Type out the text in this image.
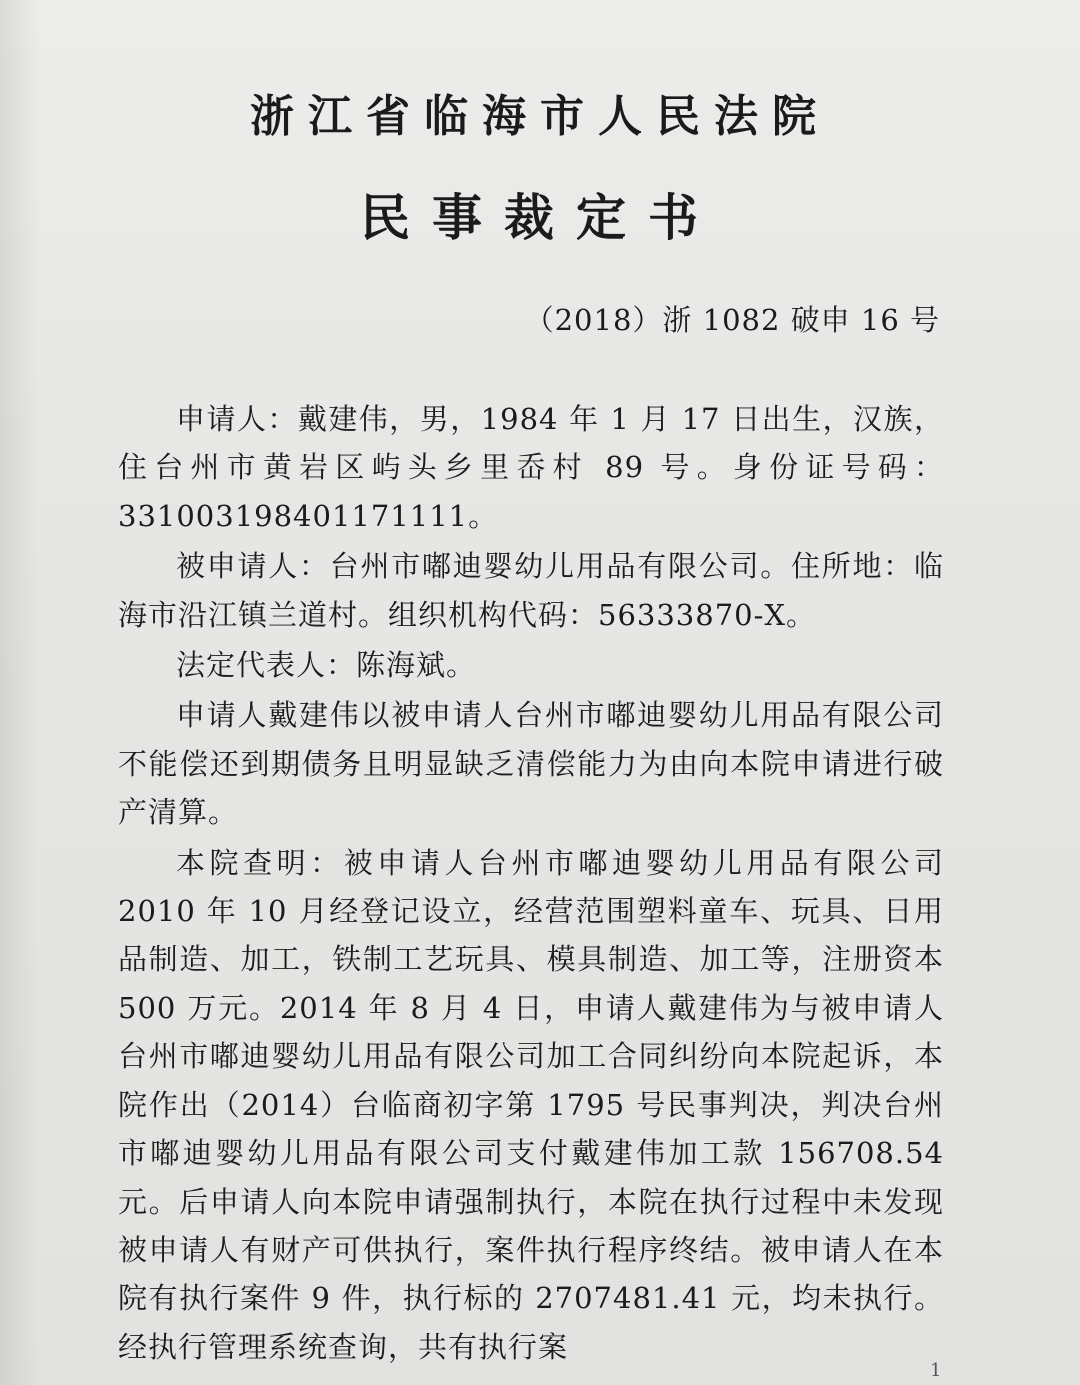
浙江省临海市人民法院
民事裁定书
（2018）浙 1082 破申 16 号

申请人：戴建伟，男，1984 年 1 月 17 日出生，汉族，住台州市黄岩区屿头乡里岙村 89 号。身份证号码：331003198401171111。

被申请人：台州市嘟迪婴幼儿用品有限公司。住所地：临海市沿江镇兰道村。组织机构代码：56333870-X。

法定代表人：陈海斌。

申请人戴建伟以被申请人台州市嘟迪婴幼儿用品有限公司不能偿还到期债务且明显缺乏清偿能力为由向本院申请进行破产清算。

本院查明：被申请人台州市嘟迪婴幼儿用品有限公司 2010 年 10 月经登记设立，经营范围塑料童车、玩具、日用品制造、加工，铁制工艺玩具、模具制造、加工等，注册资本 500 万元。2014 年 8 月 4 日，申请人戴建伟为与被申请人台州市嘟迪婴幼儿用品有限公司加工合同纠纷向本院起诉，本院作出（2014）台临商初字第 1795 号民事判决，判决台州市嘟迪婴幼儿用品有限公司支付戴建伟加工款 156708.54 元。后申请人向本院申请强制执行，本院在执行过程中未发现被申请人有财产可供执行，案件执行程序终结。被申请人在本院有执行案件 9 件，执行标的 2707481.41 元，均未执行。经执行管理系统查询，共有执行案

1
